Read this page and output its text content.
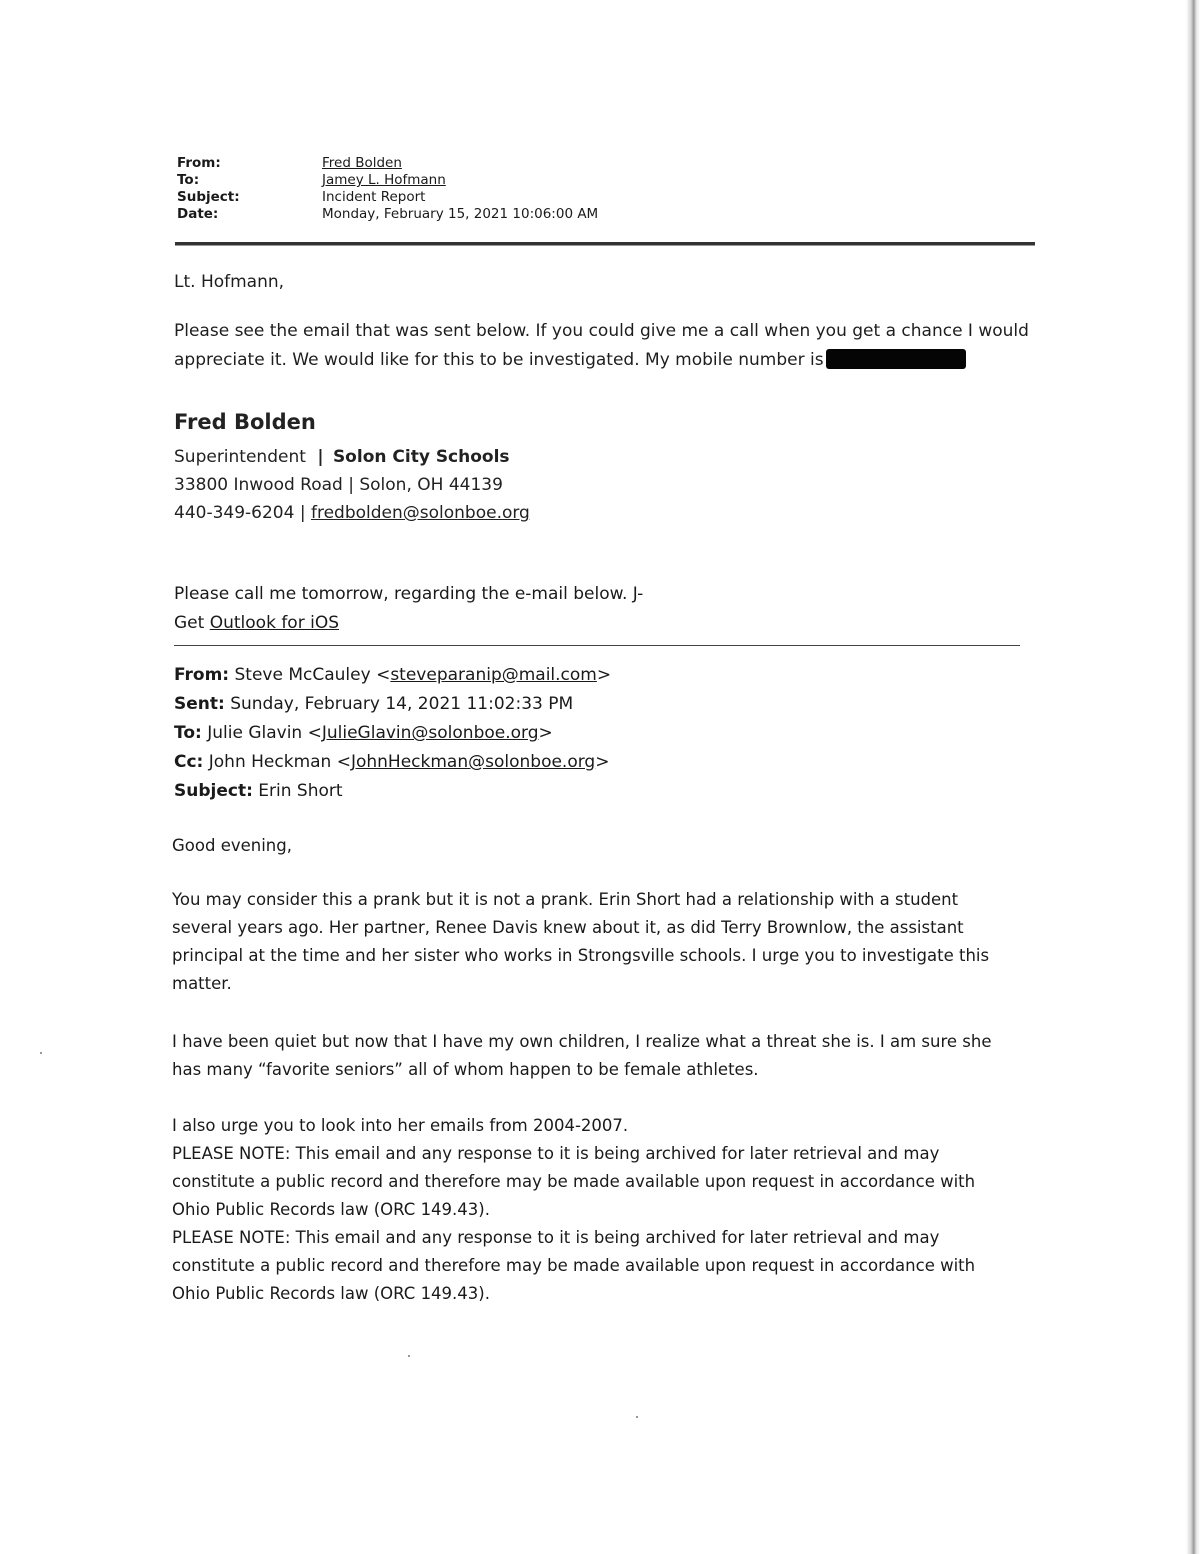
From:	Fred Bolden
To:	Jamey L. Hofmann
Subject:	Incident Report
Date:	Monday, February 15, 2021 10:06:00 AM
Lt. Hofmann,
Please see the email that was sent below. If you could give me a call when you get a chance I would
appreciate it. We would like for this to be investigated. My mobile number is
Fred Bolden
Superintendent | Solon City Schools
33800 Inwood Road | Solon, OH 44139
440-349-6204 | fredbolden@solonboe.org
Please call me tomorrow, regarding the e-mail below. J-
Get Outlook for iOS
From: Steve McCauley <steveparanip@mail.com>
Sent: Sunday, February 14, 2021 11:02:33 PM
To: Julie Glavin <JulieGlavin@solonboe.org>
Cc: John Heckman <JohnHeckman@solonboe.org>
Subject: Erin Short
Good evening,

You may consider this a prank but it is not a prank. Erin Short had a relationship with a student

several years ago. Her partner, Renee Davis knew about it, as did Terry Brownlow, the assistant

principal at the time and her sister who works in Strongsville schools. I urge you to investigate this

matter.

I have been quiet but now that I have my own children, I realize what a threat she is. I am sure she

has many “favorite seniors” all of whom happen to be female athletes.

I also urge you to look into her emails from 2004-2007.

PLEASE NOTE: This email and any response to it is being archived for later retrieval and may

constitute a public record and therefore may be made available upon request in accordance with

Ohio Public Records law (ORC 149.43).

PLEASE NOTE: This email and any response to it is being archived for later retrieval and may

constitute a public record and therefore may be made available upon request in accordance with

Ohio Public Records law (ORC 149.43).
